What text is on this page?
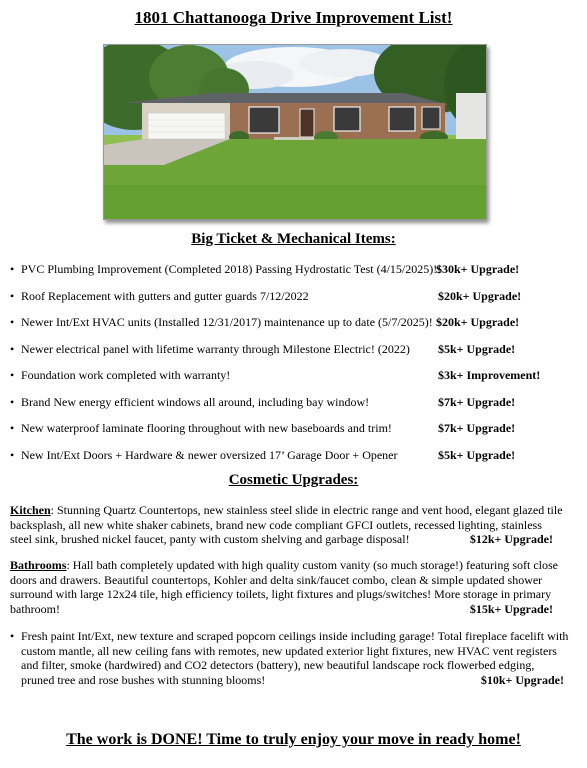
1801 Chattanooga Drive Improvement List!
Big Ticket & Mechanical Items:
• PVC Plumbing Improvement (Completed 2018) Passing Hydrostatic Test (4/15/2025)!!
$30k+ Upgrade!
• Roof Replacement with gutters and gutter guards 7/12/2022	$20k+ Upgrade!
• Newer Int/Ext HVAC units (Installed 12/31/2017) maintenance up to date (5/7/2025)! $20k+ Upgrade!
• Newer electrical panel with lifetime warranty through Milestone Electric! (2022) $5k+ Upgrade!
• Foundation work completed with warranty!	$3k+ Improvement!
• Brand New energy efficient windows all around, including bay window!	$7k+ Upgrade!
• New waterproof laminate flooring throughout with new baseboards and trim!	$7k+ Upgrade!
• New Int/Ext Doors + Hardware & newer oversized 17’ Garage Door + Opener	$5k+ Upgrade!
Cosmetic Upgrades:
Kitchen: Stunning Quartz Countertops, new stainless steel slide in electric range and vent hood, elegant glazed tile backsplash, all new white shaker cabinets, brand new code compliant GFCI outlets, recessed lighting, stainless steel sink, brushed nickel faucet, panty with custom shelving and garbage disposal!	$12k+ Upgrade!
Bathrooms: Hall bath completely updated with high quality custom vanity (so much storage!) featuring soft close doors and drawers. Beautiful countertops, Kohler and delta sink/faucet combo, clean & simple updated shower surround with large 12x24 tile, high efficiency toilets, light fixtures and plugs/switches! More storage in primary bathroom!	$15k+ Upgrade!
• Fresh paint Int/Ext, new texture and scraped popcorn ceilings inside including garage! Total fireplace facelift with custom mantle, all new ceiling fans with remotes, new updated exterior light fixtures, new HVAC vent registers and filter, smoke (hardwired) and CO2 detectors (battery), new beautiful landscape rock flowerbed edging, pruned tree and rose bushes with stunning blooms!	$10k+ Upgrade!
The work is DONE! Time to truly enjoy your move in ready home!
